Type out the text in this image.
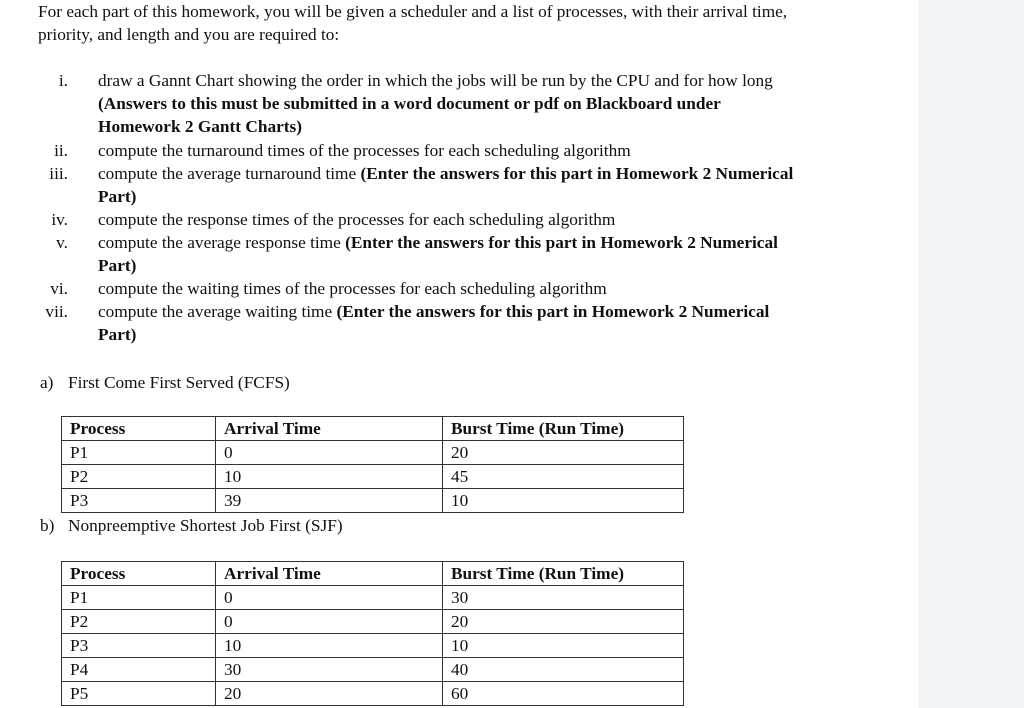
For each part of this homework, you will be given a scheduler and a list of processes, with their arrival time, priority, and length and you are required to:
i. draw a Gannt Chart showing the order in which the jobs will be run by the CPU and for how long (Answers to this must be submitted in a word document or pdf on Blackboard under Homework 2 Gantt Charts)
ii. compute the turnaround times of the processes for each scheduling algorithm
iii. compute the average turnaround time (Enter the answers for this part in Homework 2 Numerical Part)
iv. compute the response times of the processes for each scheduling algorithm
v. compute the average response time (Enter the answers for this part in Homework 2 Numerical Part)
vi. compute the waiting times of the processes for each scheduling algorithm
vii. compute the average waiting time (Enter the answers for this part in Homework 2 Numerical Part)
a) First Come First Served (FCFS)
Process	Arrival Time	Burst Time (Run Time)
P1	0	20
P2	10	45
P3	39	10
b) Nonpreemptive Shortest Job First (SJF)
Process	Arrival Time	Burst Time (Run Time)
P1	0	30
P2	0	20
P3	10	10
P4	30	40
P5	20	60
